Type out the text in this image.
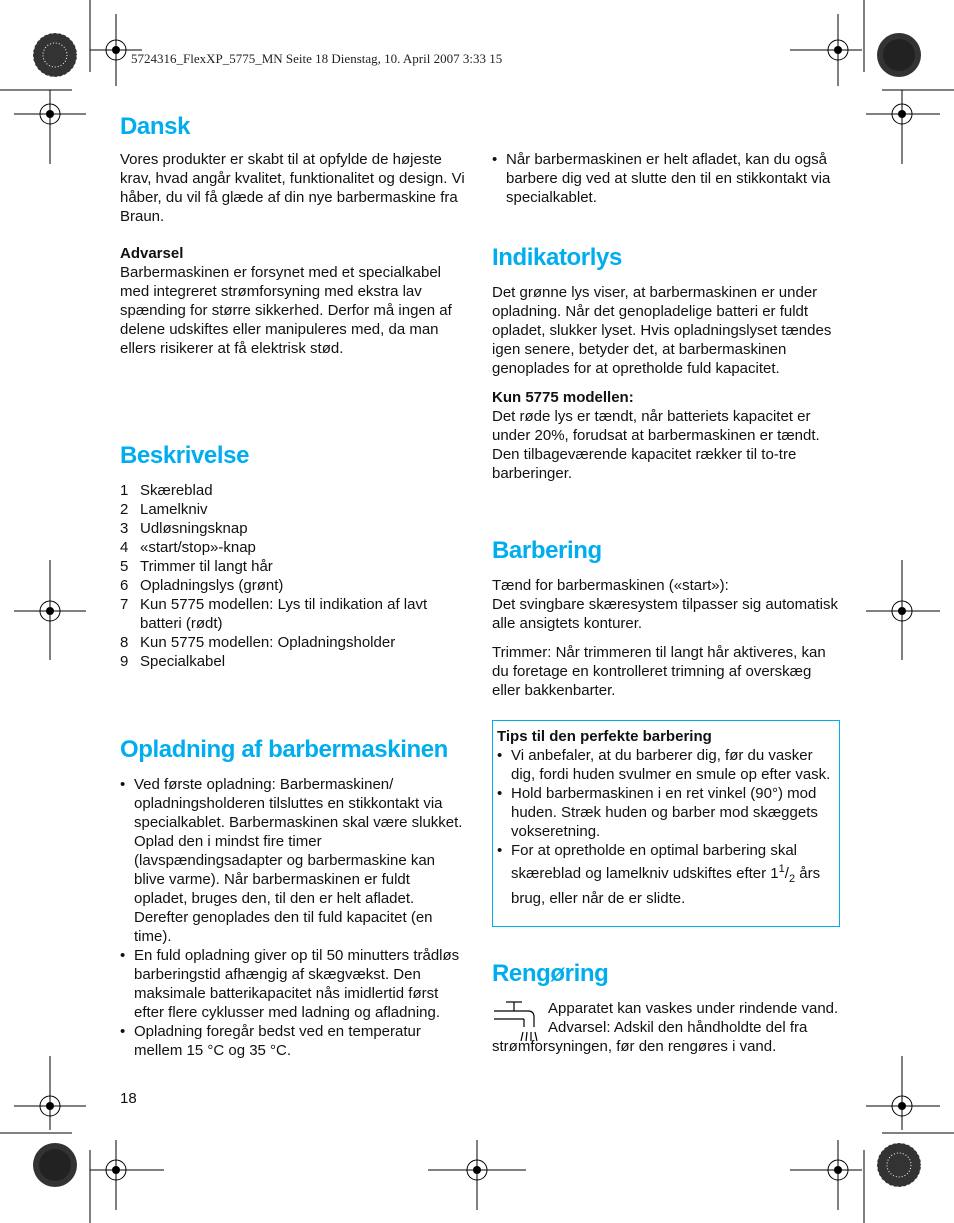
5724316_FlexXP_5775_MN Seite 18 Dienstag, 10. April 2007 3:33 15
Dansk

Vores produkter er skabt til at opfylde de højeste krav, hvad angår kvalitet, funktionalitet og design. Vi håber, du vil få glæde af din nye barbermaskine fra Braun.

Advarsel

Barbermaskinen er forsynet med et specialkabel med integreret strømforsyning med ekstra lav spænding for større sikkerhed. Derfor må ingen af delene udskiftes eller manipuleres med, da man ellers risikerer at få elektrisk stød.

Beskrivelse
1 Skæreblad
2 Lamelkniv
3 Udløsningsknap
4 «start/stop»-knap
5 Trimmer til langt hår
6 Opladningslys (grønt)
7 Kun 5775 modellen: Lys til indikation af lavt batteri (rødt)
8 Kun 5775 modellen: Opladningsholder
9 Specialkabel
Opladning af barbermaskinen
• Ved første opladning: Barbermaskinen/ opladningsholderen tilsluttes en stikkontakt via specialkablet. Barbermaskinen skal være slukket. Oplad den i mindst fire timer (lavspændingsadapter og barbermaskine kan blive varme). Når barbermaskinen er fuldt opladet, bruges den, til den er helt afladet. Derefter genoplades den til fuld kapacitet (en time).
• En fuld opladning giver op til 50 minutters trådløs barberingstid afhængig af skægvækst. Den maksimale batterikapacitet nås imidlertid først efter flere cyklusser med ladning og afladning.
• Opladning foregår bedst ved en temperatur mellem 15 °C og 35 °C.
18
• Når barbermaskinen er helt afladet, kan du også barbere dig ved at slutte den til en stikkontakt via specialkablet.
Indikatorlys

Det grønne lys viser, at barbermaskinen er under opladning. Når det genopladelige batteri er fuldt opladet, slukker lyset. Hvis opladningslyset tændes igen senere, betyder det, at barbermaskinen genoplades for at opretholde fuld kapacitet.

Kun 5775 modellen:

Det røde lys er tændt, når batteriets kapacitet er under 20%, forudsat at barbermaskinen er tændt. Den tilbageværende kapacitet rækker til to-tre barberinger.

Barbering

Tænd for barbermaskinen («start»):

Det svingbare skæresystem tilpasser sig automatisk alle ansigtets konturer.

Trimmer: Når trimmeren til langt hår aktiveres, kan du foretage en kontrolleret trimning af overskæg eller bakkenbarter.

Tips til den perfekte barbering

• Vi anbefaler, at du barberer dig, før du vasker dig, fordi huden svulmer en smule op efter vask.
• Hold barbermaskinen i en ret vinkel (90°) mod huden. Stræk huden og barber mod skæggets vokseretning.
• For at opretholde en optimal barbering skal skæreblad og lamelkniv udskiftes efter $1^1/_2$ års brug, eller når de er slidte.
Rengøring

Apparatet kan vaskes under rindende vand.

Advarsel: Adskil den håndholdte del fra strømforsyningen, før den rengøres i vand.
